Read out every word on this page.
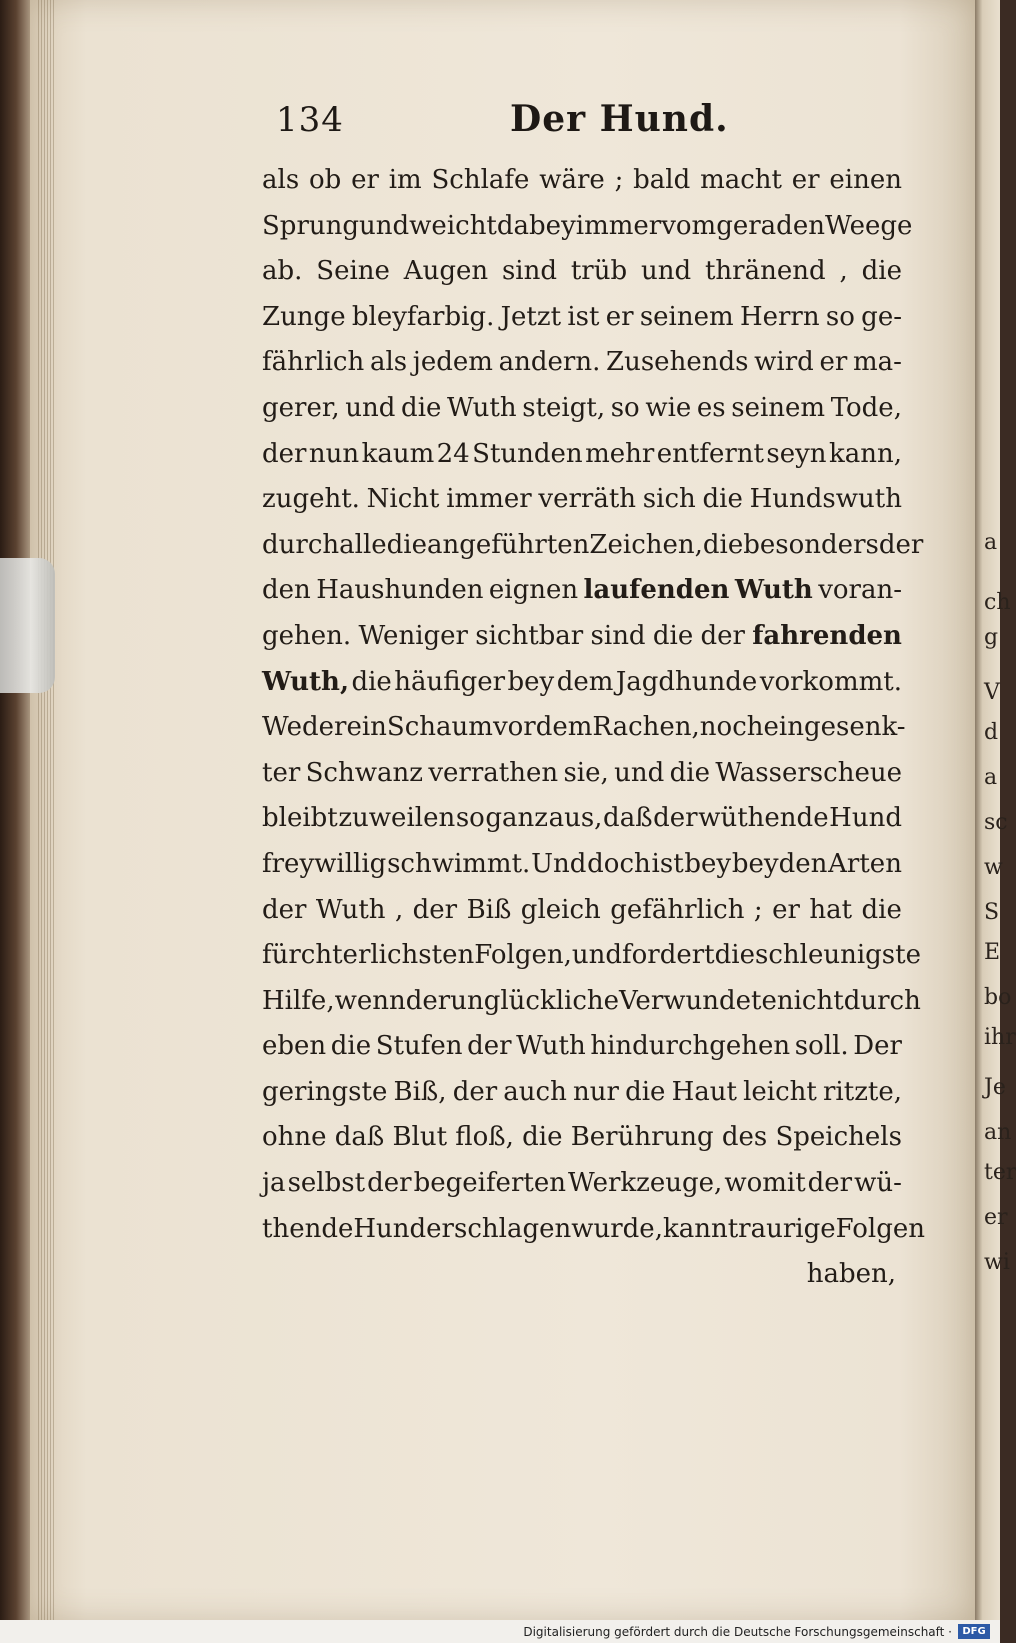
a
ch
g
V
d
a
sc
w
S
E
bo
ihr
Je
an
ter
er
wi
134	Der Hund.
als ob er im Schlafe wäre ; bald macht er einen
Sprung und weicht dabey immer vom geraden Weege
ab. Seine Augen sind trüb und thränend , die
Zunge bleyfarbig. Jetzt ist er seinem Herrn so ge-
fährlich als jedem andern. Zusehends wird er ma-
gerer, und die Wuth steigt, so wie es seinem Tode,
der nun kaum 24 Stunden mehr entfernt seyn kann,
zugeht. Nicht immer verräth sich die Hundswuth
durch alle die angeführten Zeichen, die besonders der
den Haushunden eignen laufenden Wuth voran-
gehen. Weniger sichtbar sind die der fahrenden
Wuth, die häufiger bey dem Jagdhunde vorkommt.
Weder ein Schaum vor dem Rachen, noch ein gesenk-
ter Schwanz verrathen sie, und die Wasserscheue
bleibt zuweilen so ganz aus, daß der wüthende Hund
freywillig schwimmt. Und doch ist bey beyden Arten
der Wuth , der Biß gleich gefährlich ; er hat die
fürchterlichsten Folgen , und fordert die schleunigste
Hilfe, wenn der unglückliche Verwundete nicht durch
eben die Stufen der Wuth hindurchgehen soll. Der
geringste Biß, der auch nur die Haut leicht ritzte,
ohne daß Blut floß, die Berührung des Speichels
ja selbst der begeiferten Werkzeuge, womit der wü-
thende Hund erschlagen wurde, kann traurige Folgen
haben,
Digitalisierung gefördert durch die Deutsche Forschungsgemeinschaft ·	DFG
